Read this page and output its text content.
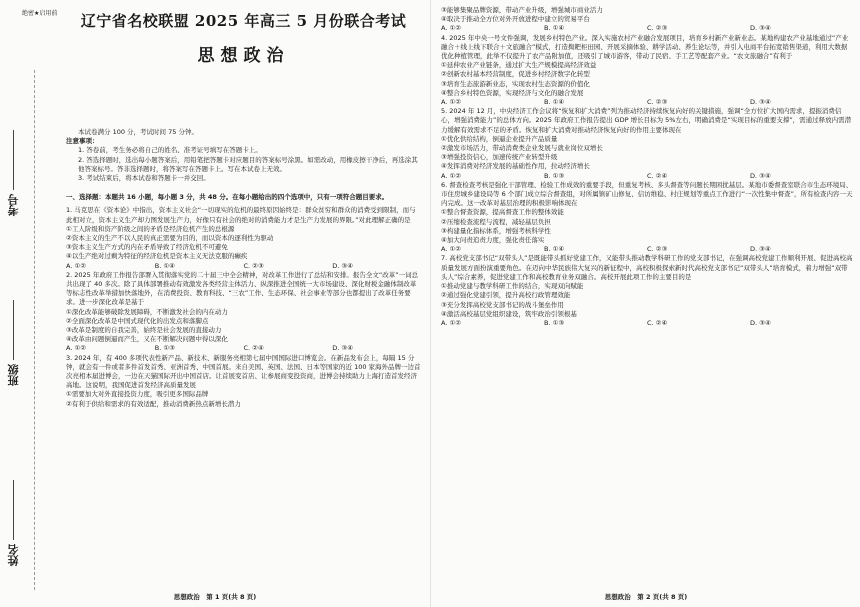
考号
班级
姓名
绝密★启用前	辽宁省名校联盟 2025 年高三 5 月份联合考试
思想政治

本试卷满分 100 分，考试时间 75 分钟。

注意事项：

1. 答卷前，考生务必将自己的姓名、准考证号填写在答题卡上。

2. 答选择题时，选出每小题答案后，用铅笔把答题卡对应题目的答案标号涂黑。如需改动，用橡皮擦干净后，再选涂其他答案标号。答非选择题时，将答案写在答题卡上。写在本试卷上无效。

3. 考试结束后，将本试卷和答题卡一并交回。

一、选择题：本题共 16 小题，每小题 3 分，共 48 分。在每小题给出的四个选项中，只有一项符合题目要求。

1. 马克思在《资本论》中指出，资本主义社会“一切现实的危机的最终原因始终是：群众贫穷和群众的消费受到限制，而与此相对立，资本主义生产却力图发展生产力，好像只有社会的绝对的消费能力才是生产力发展的界限。”对此理解正确的是

①工人阶级和资产阶级之间的矛盾是经济危机产生的总根源

②资本主义的生产不以人民的真正需要为目的，而以资本的逐利性为驱动

③资本主义生产方式的内在矛盾导致了经济危机不可避免

④以生产绝对过剩为特征的经济危机是资本主义无法克服的癫疾

A. ①②	B. ①④	C. ②③	D. ③④

2. 2025 年政府工作报告部署入贯彻落实党的二十届三中全会精神，对改革工作进行了总结和安排。报告全文“改革”一词总共出现了 40 多次。除了具体部署推动有效激发各类经营主体活力、纵深推进全国统一大市场建设、深化财税金融体制改革等标志性改革举措加快落地外，在消费投资、教育科技、“三农”工作、生态环保、社会事业等部分也都提出了改革任务要求。进一步深化改革是基于

①深化改革能够破除发展障碍，不断激发社会的内在动力

②全面深化改革是中国式现代化的出发点和落脚点

③改革是制度的自我完善，始终是社会发展的直接动力

④改革由问题倒逼而产生，又在不断解决问题中得以深化

A. ①②	B. ①③	C. ②④	D. ③④

3. 2024 年，有 400 多项代表性新产品、新技术、新服务亮相第七届中国国际进口博览会。在新品发布会上，每隔 15 分钟，就会有一件或者多件首发首秀、亚洲首秀、中国首展。来自美国、英国、法国、日本等国家的近 100 家海外品牌一边首次亮相本届进博会，一边在天猫国际开出中国首店。让首展变首店、让参展商变投资商，进博会持续助力上海打造首发经济高地。这说明，我国促进首发经济高质量发展

①需要加大对外直接投资力度，吸引更多国际品牌

②有利于供给和需求的有效适配，推动消费新热点新增长潜力

思想政治　第 1 页(共 8 页)

③能够集聚品牌资源，带动产业升级，增强城市商业活力

④取决于推动全方位对外开放进程中建立的贸易平台

A. ①②	B. ①④	C. ②③	D. ③④

4. 2025 年中央一号文件强调，发展乡村特色产业。深入实施农村产业融合发展项目，培育乡村新产业新业态。某地构建农产业基地通过“产业融合＋线上线下联合＋文旅融合”模式，打造掏耙柜田园、开展采摘体验、耕学活动、养生论坛等，并引入电商平台拓宽销售渠道，利用大数据优化种植管理，此举不仅提升了农产品附加值，还吸引了城市游客，带动了民宿、手工艺等配套产业。“农文旅融合”有利于

①延伸农业产业链条，通过扩大生产规模提高经济效益

②创新农村基本经营制度，促进乡村经济数字化转型

③培育生态旅游新业态，实现农村生态资源的价值化

④整合乡村特色资源，实现经济与文化的融合发展

A. ①②	B. ①④	C. ②③	D. ③④

5. 2024 年 12 月，中央经济工作会议将“恢复和扩大消费”列为推动经济持续恢复向好的关键措施，强调“全方位扩大国内需求，提振消费信心，增强消费能力”的总体方向。2025 年政府工作报告提出 GDP 增长目标为 5%左右，明确消费是“实现目标的重要支撑”，需通过释放内需潜力缓解有效需求不足的矛盾。恢复和扩大消费对推动经济恢复向好的作用主要体现在

①优化供给结构，倒逼企业提升产品质量

②激发市场活力，带动消费类企业发展与就业岗位双增长

③增强投资信心，加速传统产业转型升级

④发挥消费对经济发展的基础性作用，拉动经济增长

A. ①②	B. ①③	C. ②④	D. ③④

6. 督查检查考核是强化干部管理、检验工作成效的重要手段，但重复考核、多头督查等问题长期困扰基层。某地市委督查室联合市生态环境局、市住房城乡建设局等 6 个部门成立综合督查组，对所属镇矿山修复、信访维稳、村庄规划等重点工作进行“一次性集中督查”，所有检查内容一天内完成。这一改革对基层治理的积极影响体现在

①整合督查资源，提高督查工作的整体效能

②压缩检查流程与流程，减轻基层负担

③构建量化指标体系，增强考核科学性

④加大问责追责力度，强化责任落实

A. ①②	B. ①④	C. ②③	D. ③④

7. 高校党支部书记“双带头人”是既能带头抓好党建工作，又能带头推动教学科研工作的党支部书记，在强调高校党建工作顺利开展、促进高校高质量发展方面扮演重要角色。在迈向中华民族伟大复兴的新征程中，高校积极探索新时代高校党支部书记“双带头人”培育模式，着力增强“双带头人”综合素养，促进党建工作和高校教育业务双融合。高校开展此项工作的主要目的是

①推动党建与教学科研工作的结合，实现双向赋能

②通过强化党建引领，提升高校行政管理效能

③充分发挥高校党支部书记的战斗堡垒作用

④激活高校基层党组织建设，筑牢政治引领根基

A. ①②	B. ①③	C. ②④	D. ③④
思想政治　第 2 页(共 8 页)
